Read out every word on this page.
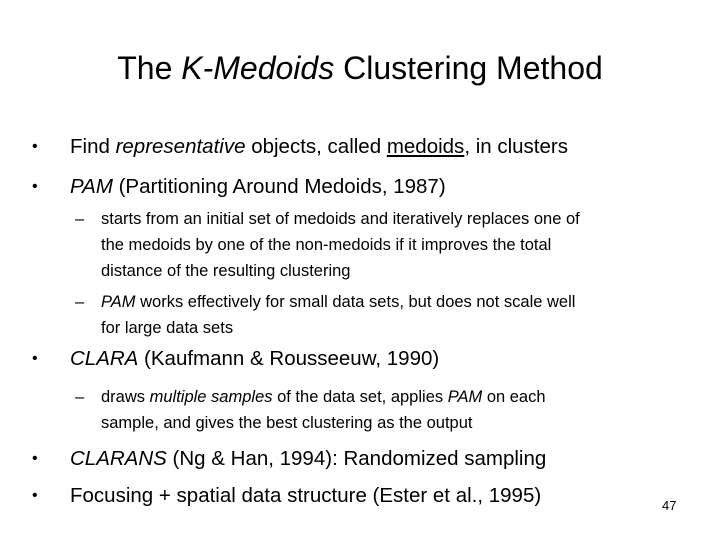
The K-Medoids Clustering Method
• Find representative objects, called medoids, in clusters
• PAM (Partitioning Around Medoids, 1987)
– starts from an initial set of medoids and iteratively replaces one of
the medoids by one of the non-medoids if it improves the total
distance of the resulting clustering
– PAM works effectively for small data sets, but does not scale well
for large data sets
• CLARA (Kaufmann & Rousseeuw, 1990)
– draws multiple samples of the data set, applies PAM on each
sample, and gives the best clustering as the output
• CLARANS (Ng & Han, 1994): Randomized sampling
• Focusing + spatial data structure (Ester et al., 1995)	47
